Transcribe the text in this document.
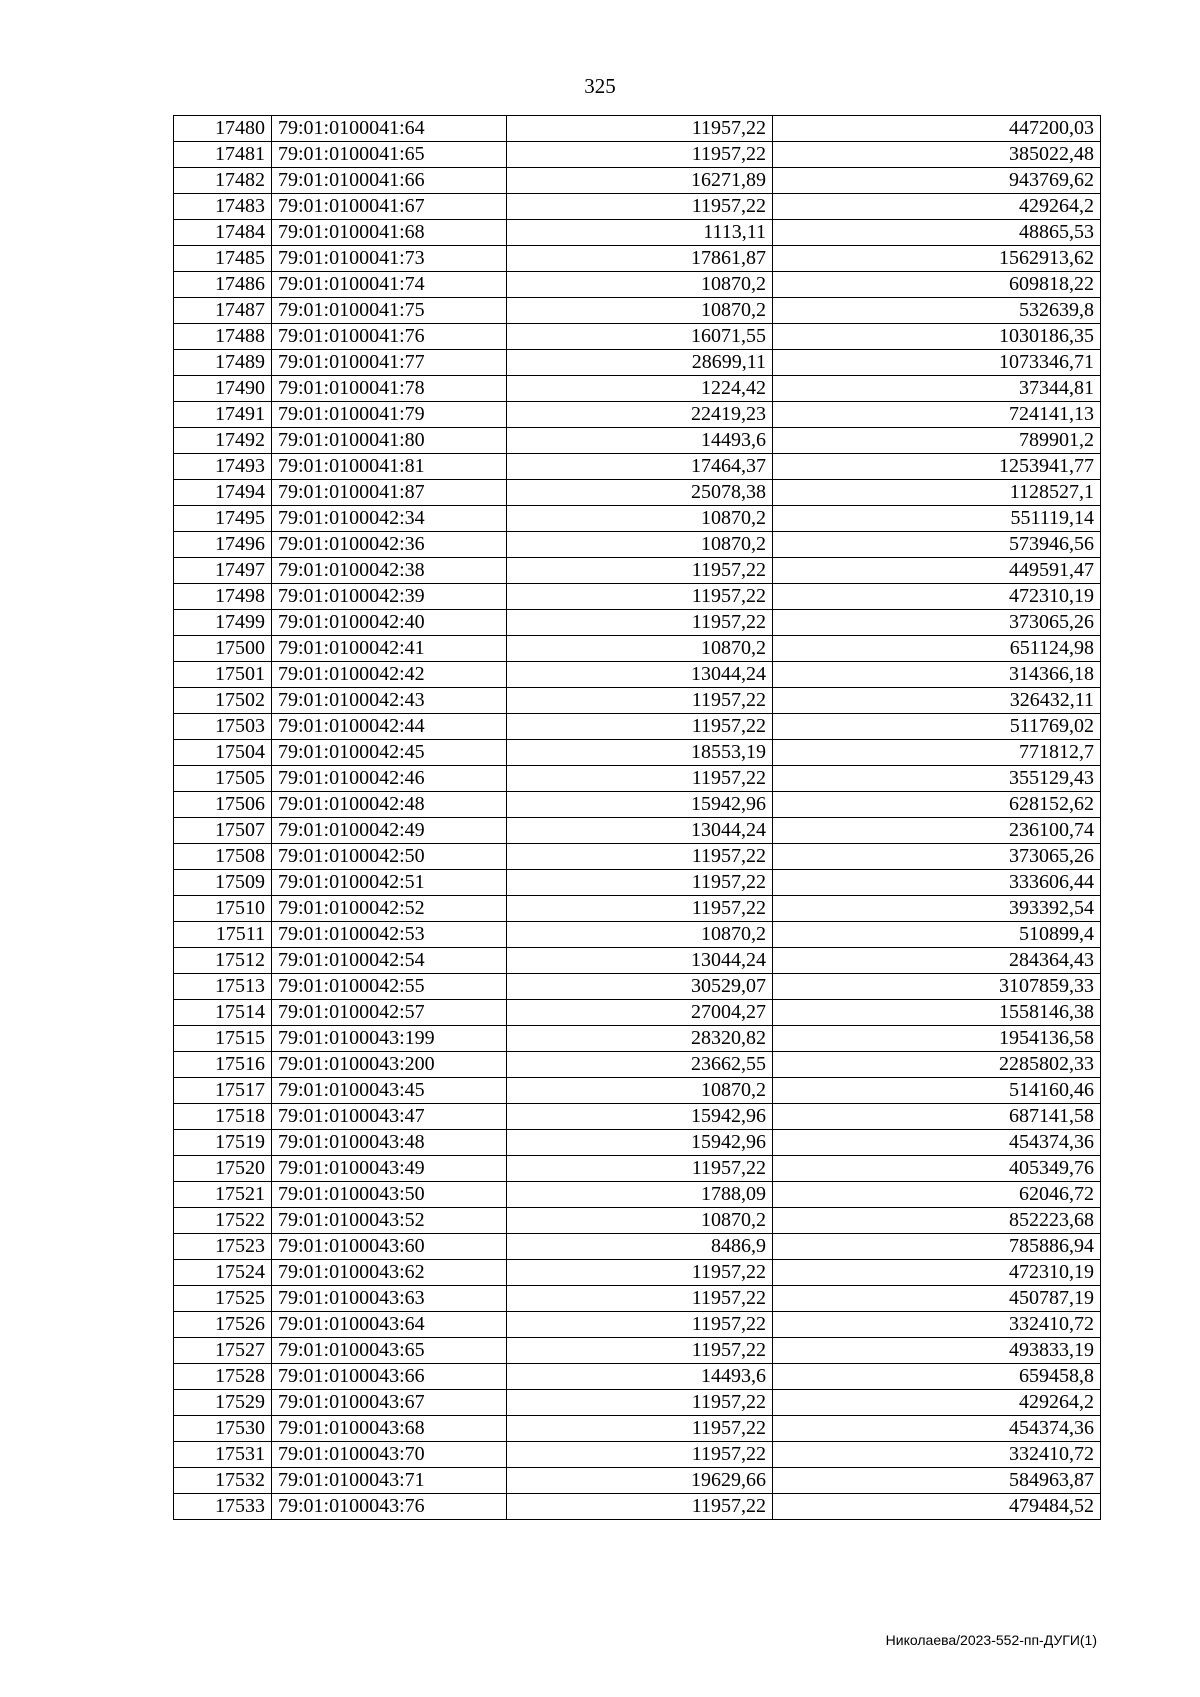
325
17480	79:01:0100041:64	11957,22	447200,03
17481	79:01:0100041:65	11957,22	385022,48
17482	79:01:0100041:66	16271,89	943769,62
17483	79:01:0100041:67	11957,22	429264,2
17484	79:01:0100041:68	1113,11	48865,53
17485	79:01:0100041:73	17861,87	1562913,62
17486	79:01:0100041:74	10870,2	609818,22
17487	79:01:0100041:75	10870,2	532639,8
17488	79:01:0100041:76	16071,55	1030186,35
17489	79:01:0100041:77	28699,11	1073346,71
17490	79:01:0100041:78	1224,42	37344,81
17491	79:01:0100041:79	22419,23	724141,13
17492	79:01:0100041:80	14493,6	789901,2
17493	79:01:0100041:81	17464,37	1253941,77
17494	79:01:0100041:87	25078,38	1128527,1
17495	79:01:0100042:34	10870,2	551119,14
17496	79:01:0100042:36	10870,2	573946,56
17497	79:01:0100042:38	11957,22	449591,47
17498	79:01:0100042:39	11957,22	472310,19
17499	79:01:0100042:40	11957,22	373065,26
17500	79:01:0100042:41	10870,2	651124,98
17501	79:01:0100042:42	13044,24	314366,18
17502	79:01:0100042:43	11957,22	326432,11
17503	79:01:0100042:44	11957,22	511769,02
17504	79:01:0100042:45	18553,19	771812,7
17505	79:01:0100042:46	11957,22	355129,43
17506	79:01:0100042:48	15942,96	628152,62
17507	79:01:0100042:49	13044,24	236100,74
17508	79:01:0100042:50	11957,22	373065,26
17509	79:01:0100042:51	11957,22	333606,44
17510	79:01:0100042:52	11957,22	393392,54
17511	79:01:0100042:53	10870,2	510899,4
17512	79:01:0100042:54	13044,24	284364,43
17513	79:01:0100042:55	30529,07	3107859,33
17514	79:01:0100042:57	27004,27	1558146,38
17515	79:01:0100043:199	28320,82	1954136,58
17516	79:01:0100043:200	23662,55	2285802,33
17517	79:01:0100043:45	10870,2	514160,46
17518	79:01:0100043:47	15942,96	687141,58
17519	79:01:0100043:48	15942,96	454374,36
17520	79:01:0100043:49	11957,22	405349,76
17521	79:01:0100043:50	1788,09	62046,72
17522	79:01:0100043:52	10870,2	852223,68
17523	79:01:0100043:60	8486,9	785886,94
17524	79:01:0100043:62	11957,22	472310,19
17525	79:01:0100043:63	11957,22	450787,19
17526	79:01:0100043:64	11957,22	332410,72
17527	79:01:0100043:65	11957,22	493833,19
17528	79:01:0100043:66	14493,6	659458,8
17529	79:01:0100043:67	11957,22	429264,2
17530	79:01:0100043:68	11957,22	454374,36
17531	79:01:0100043:70	11957,22	332410,72
17532	79:01:0100043:71	19629,66	584963,87
17533	79:01:0100043:76	11957,22	479484,52
Николаева/2023-552-пп-ДУГИ(1)
